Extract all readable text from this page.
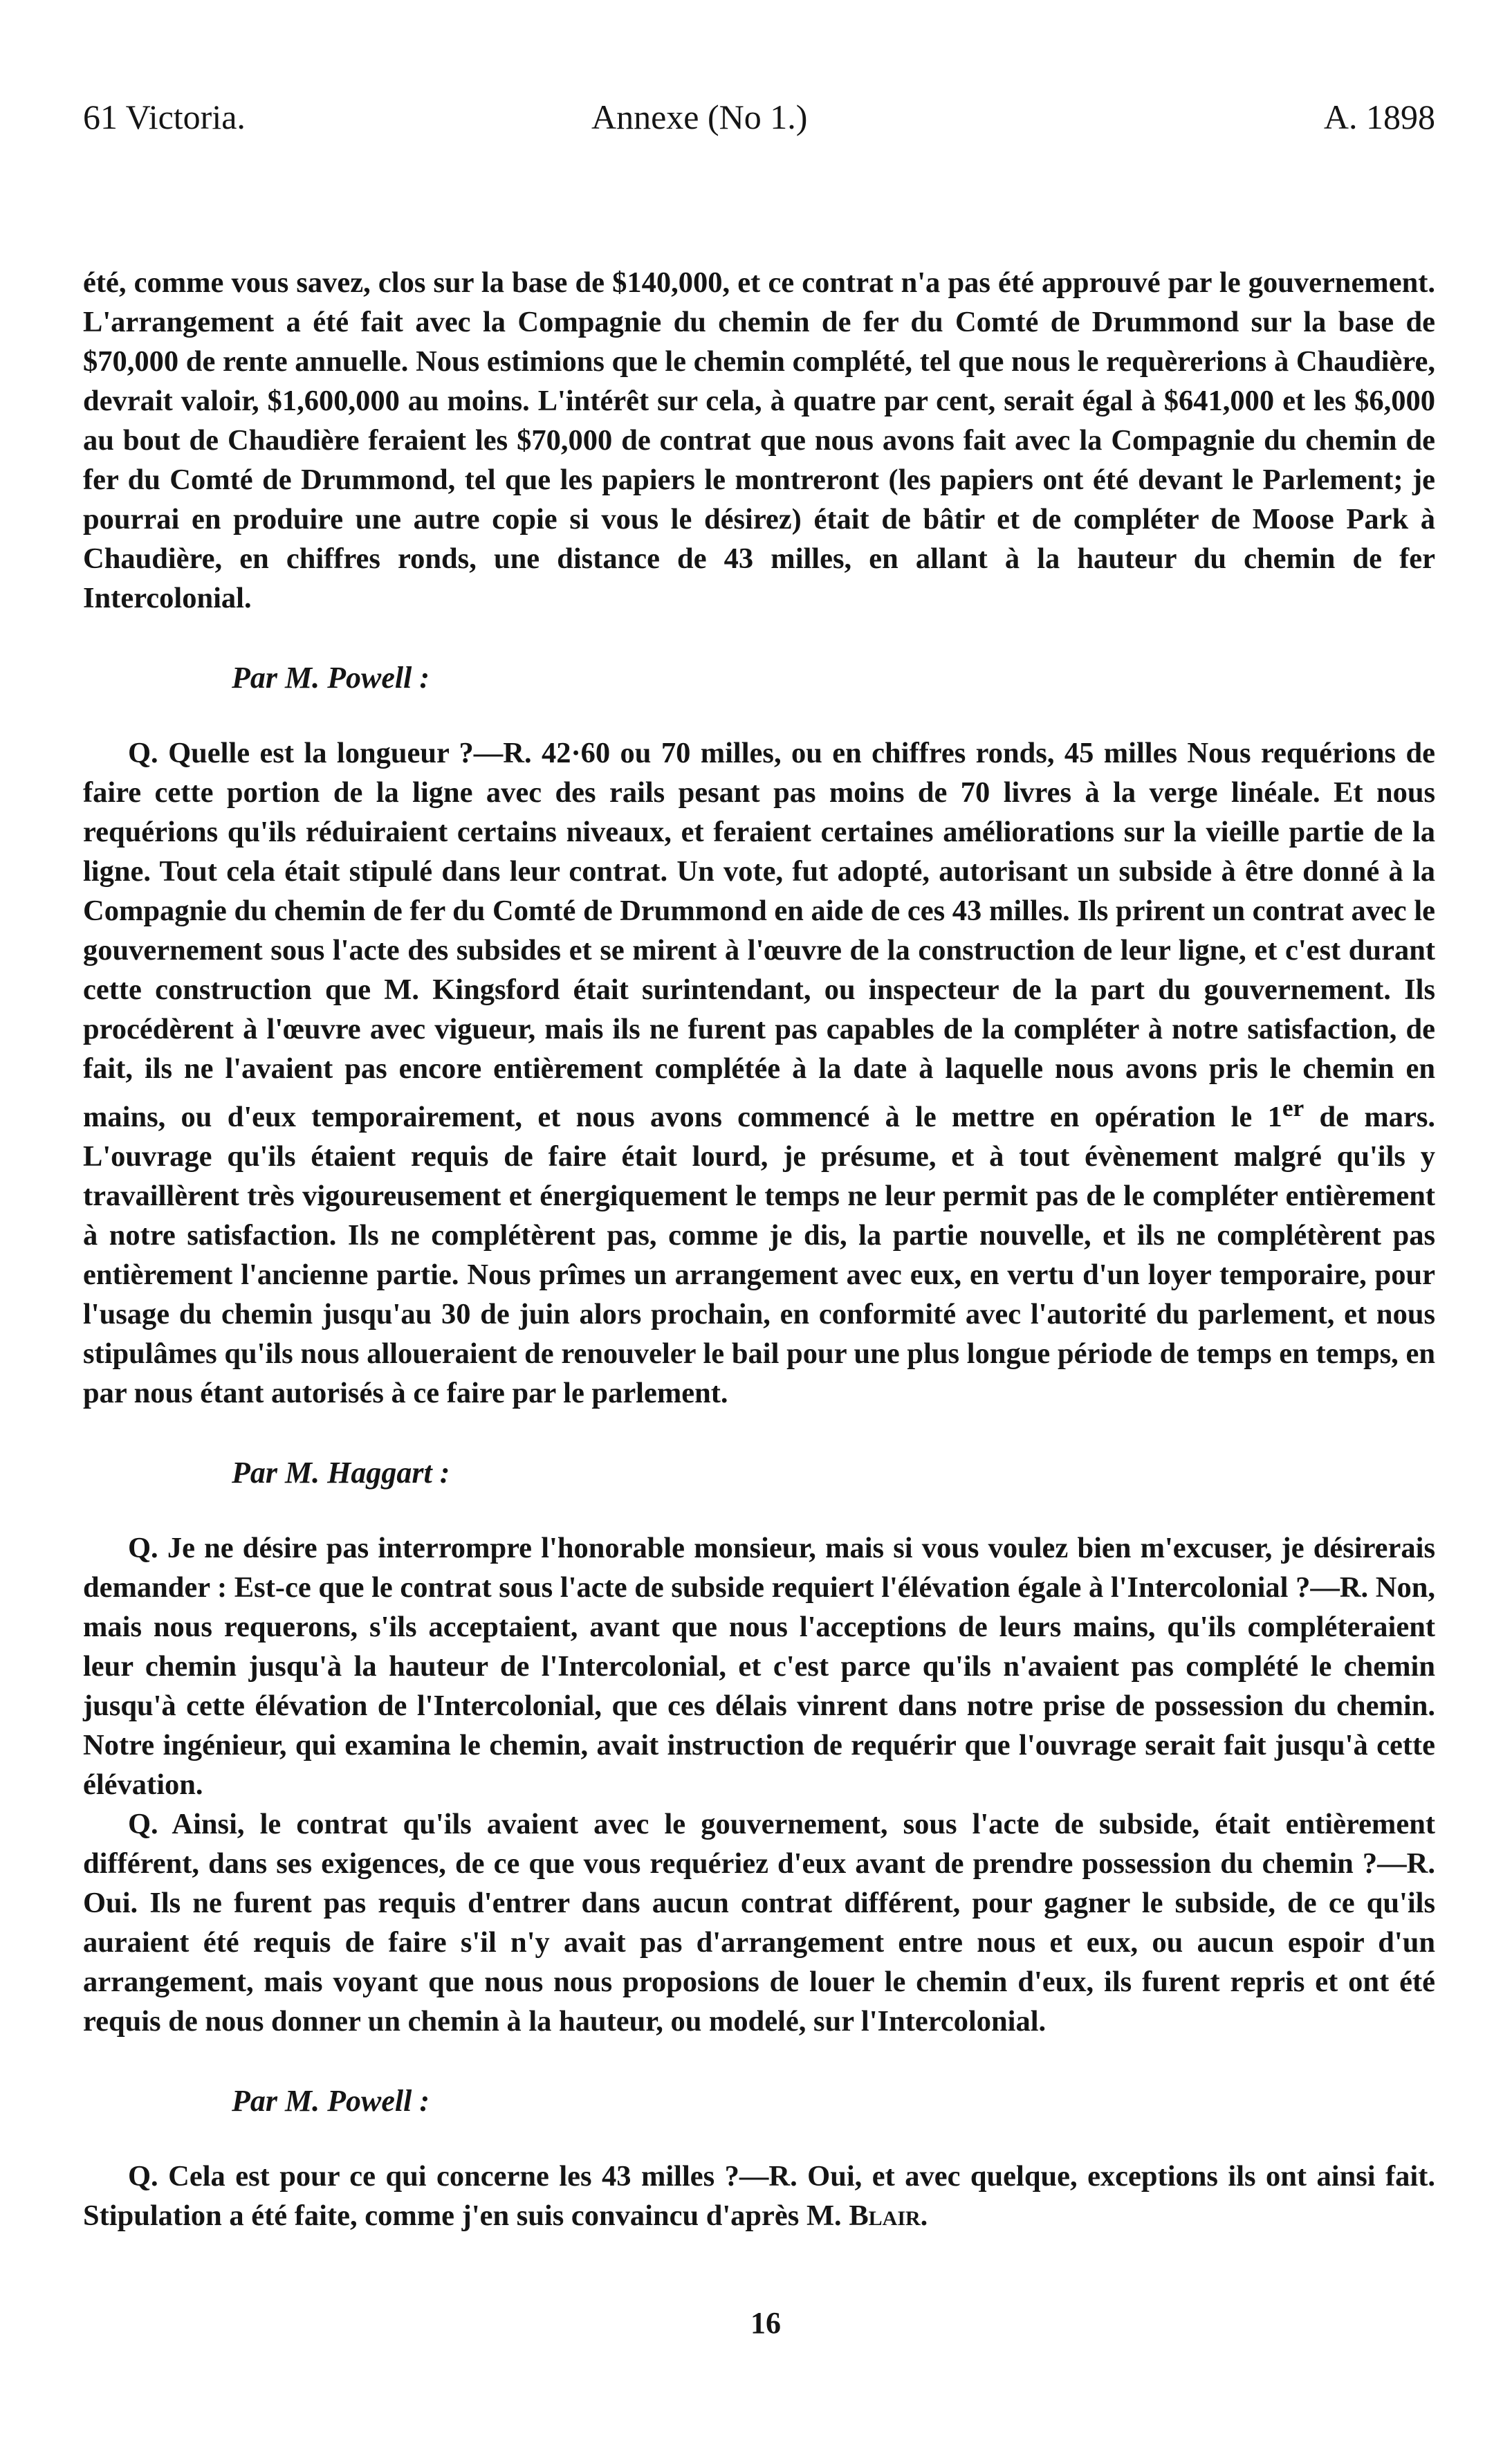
61 Victoria.	Annexe (No 1.)	A. 1898

été, comme vous savez, clos sur la base de $140,000, et ce contrat n'a pas été approuvé par le gouvernement. L'arrangement a été fait avec la Compagnie du chemin de fer du Comté de Drummond sur la base de $70,000 de rente annuelle. Nous estimions que le chemin complété, tel que nous le requèrerions à Chaudière, devrait valoir, $1,600,000 au moins. L'intérêt sur cela, à quatre par cent, serait égal à $641,000 et les $6,000 au bout de Chaudière feraient les $70,000 de contrat que nous avons fait avec la Compagnie du chemin de fer du Comté de Drummond, tel que les papiers le montreront (les papiers ont été devant le Parlement; je pourrai en produire une autre copie si vous le désirez) était de bâtir et de compléter de Moose Park à Chaudière, en chiffres ronds, une distance de 43 milles, en allant à la hauteur du chemin de fer Intercolonial.

Par M. Powell :

Q. Quelle est la longueur ?—R. 42·60 ou 70 milles, ou en chiffres ronds, 45 milles Nous requérions de faire cette portion de la ligne avec des rails pesant pas moins de 70 livres à la verge linéale. Et nous requérions qu'ils réduiraient certains niveaux, et feraient certaines améliorations sur la vieille partie de la ligne. Tout cela était stipulé dans leur contrat. Un vote, fut adopté, autorisant un subside à être donné à la Compagnie du chemin de fer du Comté de Drummond en aide de ces 43 milles. Ils prirent un contrat avec le gouvernement sous l'acte des subsides et se mirent à l'œuvre de la construction de leur ligne, et c'est durant cette construction que M. Kingsford était surintendant, ou inspecteur de la part du gouvernement. Ils procédèrent à l'œuvre avec vigueur, mais ils ne furent pas capables de la compléter à notre satisfaction, de fait, ils ne l'avaient pas encore entièrement complétée à la date à laquelle nous avons pris le chemin en mains, ou d'eux temporairement, et nous avons commencé à le mettre en opération le 1er de mars. L'ouvrage qu'ils étaient requis de faire était lourd, je présume, et à tout évènement malgré qu'ils y travaillèrent très vigoureusement et énergiquement le temps ne leur permit pas de le compléter entièrement à notre satisfaction. Ils ne complétèrent pas, comme je dis, la partie nouvelle, et ils ne complétèrent pas entièrement l'ancienne partie. Nous prîmes un arrangement avec eux, en vertu d'un loyer temporaire, pour l'usage du chemin jusqu'au 30 de juin alors prochain, en conformité avec l'autorité du parlement, et nous stipulâmes qu'ils nous alloueraient de renouveler le bail pour une plus longue période de temps en temps, en par nous étant autorisés à ce faire par le parlement.

Par M. Haggart :

Q. Je ne désire pas interrompre l'honorable monsieur, mais si vous voulez bien m'excuser, je désirerais demander : Est-ce que le contrat sous l'acte de subside requiert l'élévation égale à l'Intercolonial ?—R. Non, mais nous requerons, s'ils acceptaient, avant que nous l'acceptions de leurs mains, qu'ils compléteraient leur chemin jusqu'à la hauteur de l'Intercolonial, et c'est parce qu'ils n'avaient pas complété le chemin jusqu'à cette élévation de l'Intercolonial, que ces délais vinrent dans notre prise de possession du chemin. Notre ingénieur, qui examina le chemin, avait instruction de requérir que l'ouvrage serait fait jusqu'à cette élévation.

Q. Ainsi, le contrat qu'ils avaient avec le gouvernement, sous l'acte de subside, était entièrement différent, dans ses exigences, de ce que vous requériez d'eux avant de prendre possession du chemin ?—R. Oui. Ils ne furent pas requis d'entrer dans aucun contrat différent, pour gagner le subside, de ce qu'ils auraient été requis de faire s'il n'y avait pas d'arrangement entre nous et eux, ou aucun espoir d'un arrangement, mais voyant que nous nous proposions de louer le chemin d'eux, ils furent repris et ont été requis de nous donner un chemin à la hauteur, ou modelé, sur l'Intercolonial.

Par M. Powell :

Q. Cela est pour ce qui concerne les 43 milles ?—R. Oui, et avec quelque, exceptions ils ont ainsi fait. Stipulation a été faite, comme j'en suis convaincu d'après M. Blair.

16
